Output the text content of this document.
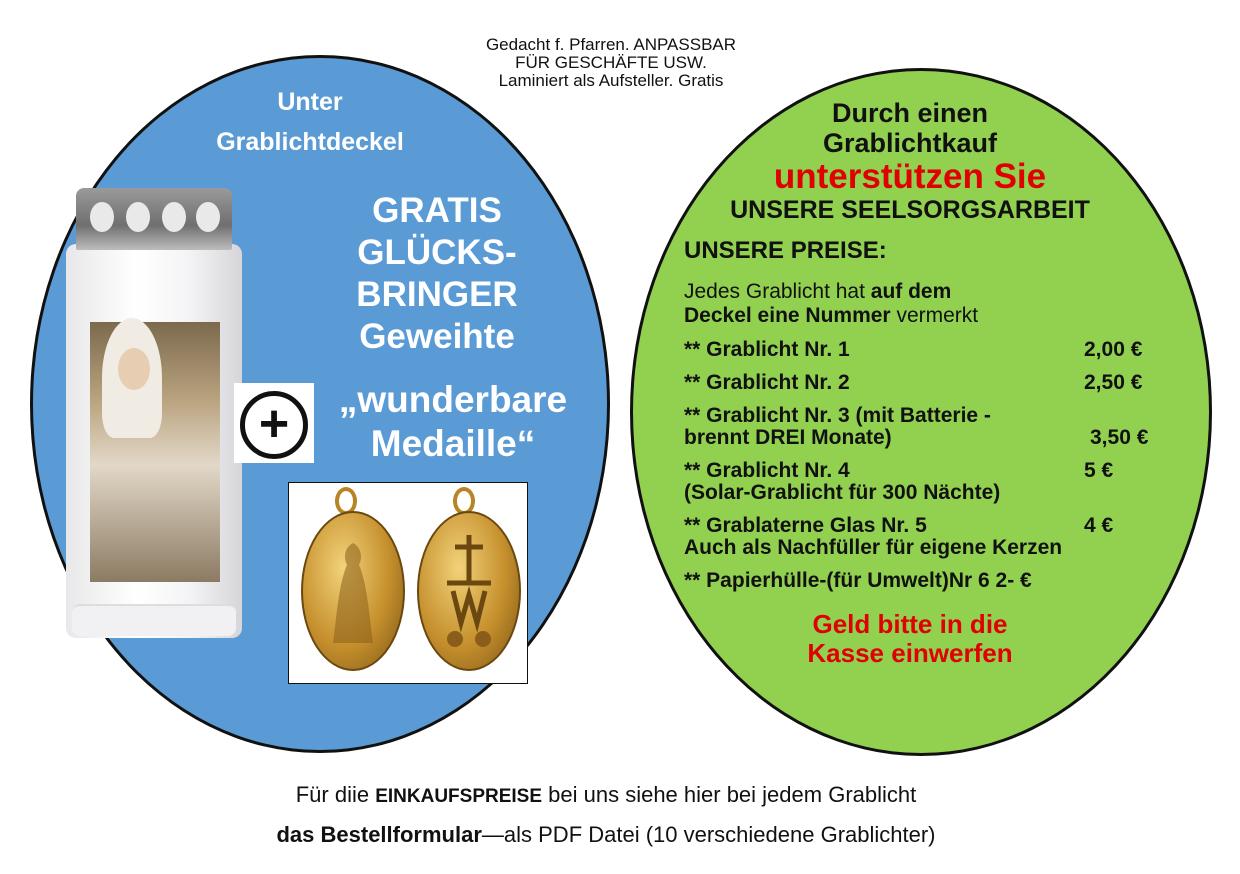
Gedacht f. Pfarren. ANPASSBAR
FÜR GESCHÄFTE USW.
Laminiert als Aufsteller. Gratis
Unter
Grablichtdeckel
GRATIS
GLÜCKS-
BRINGER
Geweihte
+	„wunderbare
Medaille“
Durch einen
Grablichtkauf
unterstützen Sie
UNSERE SEELSORGSARBEIT
UNSERE PREISE:
Jedes Grablicht hat auf dem
Deckel eine Nummer vermerkt
** Grablicht Nr. 1	2,00 €
** Grablicht Nr. 2	2,50 €
** Grablicht Nr. 3 (mit Batterie -
brennt DREI Monate)	3,50 €
** Grablicht Nr. 4	5 €
(Solar-Grablicht für 300 Nächte)
** Grablaterne Glas Nr. 5	4 €
Auch als Nachfüller für eigene Kerzen
** Papierhülle-(für Umwelt)Nr 6 2- €
Geld bitte in die
Kasse einwerfen
Für diie EINKAUFSPREISE bei uns siehe hier bei jedem Grablicht
das Bestellformular—als PDF Datei (10 verschiedene Grablichter)
